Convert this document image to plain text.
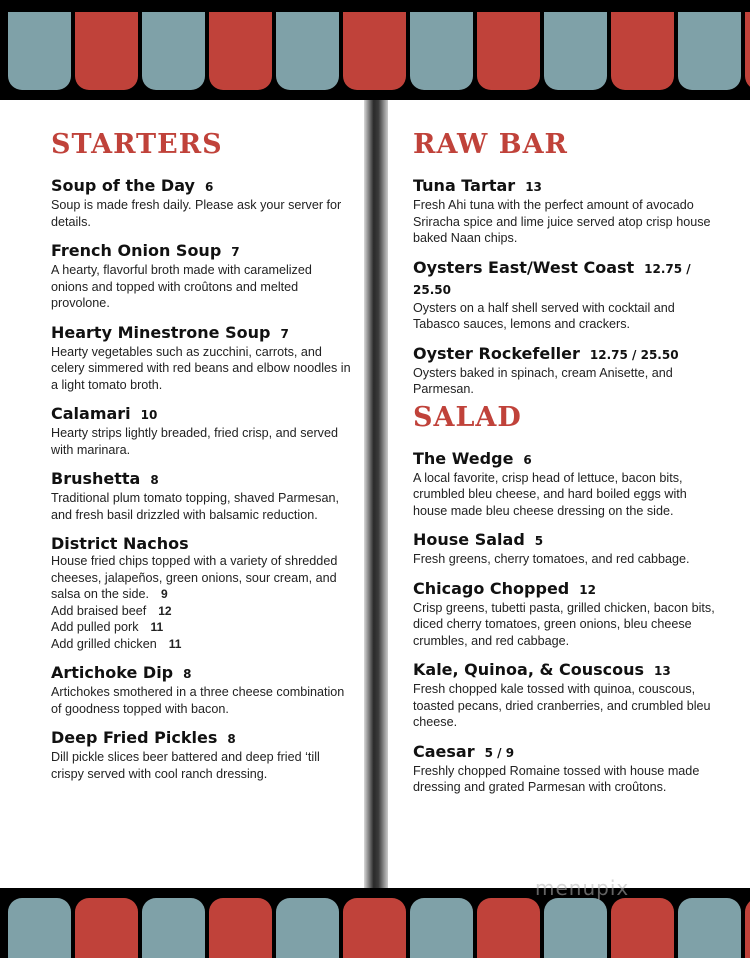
STARTERS
Soup of the Day 6
Soup is made fresh daily. Please ask your server for details.
French Onion Soup 7
A hearty, flavorful broth made with caramelized onions and topped with croûtons and melted provolone.
Hearty Minestrone Soup 7
Hearty vegetables such as zucchini, carrots, and celery simmered with red beans and elbow noodles in a light tomato broth.
Calamari 10
Hearty strips lightly breaded, fried crisp, and served with marinara.
Brushetta 8
Traditional plum tomato topping, shaved Parmesan, and fresh basil drizzled with balsamic reduction.
District Nachos
House fried chips topped with a variety of shredded cheeses, jalapeños, green onions, sour cream, and salsa on the side. 9
Add braised beef 12
Add pulled pork 11
Add grilled chicken 11
Artichoke Dip 8
Artichokes smothered in a three cheese combination of goodness topped with bacon.
Deep Fried Pickles 8
Dill pickle slices beer battered and deep fried ‘till crispy served with cool ranch dressing.
RAW BAR
Tuna Tartar 13
Fresh Ahi tuna with the perfect amount of avocado Sriracha spice and lime juice served atop crisp house baked Naan chips.
Oysters East/West Coast 12.75 / 25.50
Oysters on a half shell served with cocktail and Tabasco sauces, lemons and crackers.
Oyster Rockefeller 12.75 / 25.50
Oysters baked in spinach, cream Anisette, and Parmesan.
SALAD
The Wedge 6
A local favorite, crisp head of lettuce, bacon bits, crumbled bleu cheese, and hard boiled eggs with house made bleu cheese dressing on the side.
House Salad 5
Fresh greens, cherry tomatoes, and red cabbage.
Chicago Chopped 12
Crisp greens, tubetti pasta, grilled chicken, bacon bits, diced cherry tomatoes, green onions, bleu cheese crumbles, and red cabbage.
Kale, Quinoa, & Couscous 13
Fresh chopped kale tossed with quinoa, couscous, toasted pecans, dried cranberries, and crumbled bleu cheese.
Caesar 5 / 9
Freshly chopped Romaine tossed with house made dressing and grated Parmesan with croûtons.
menupix
